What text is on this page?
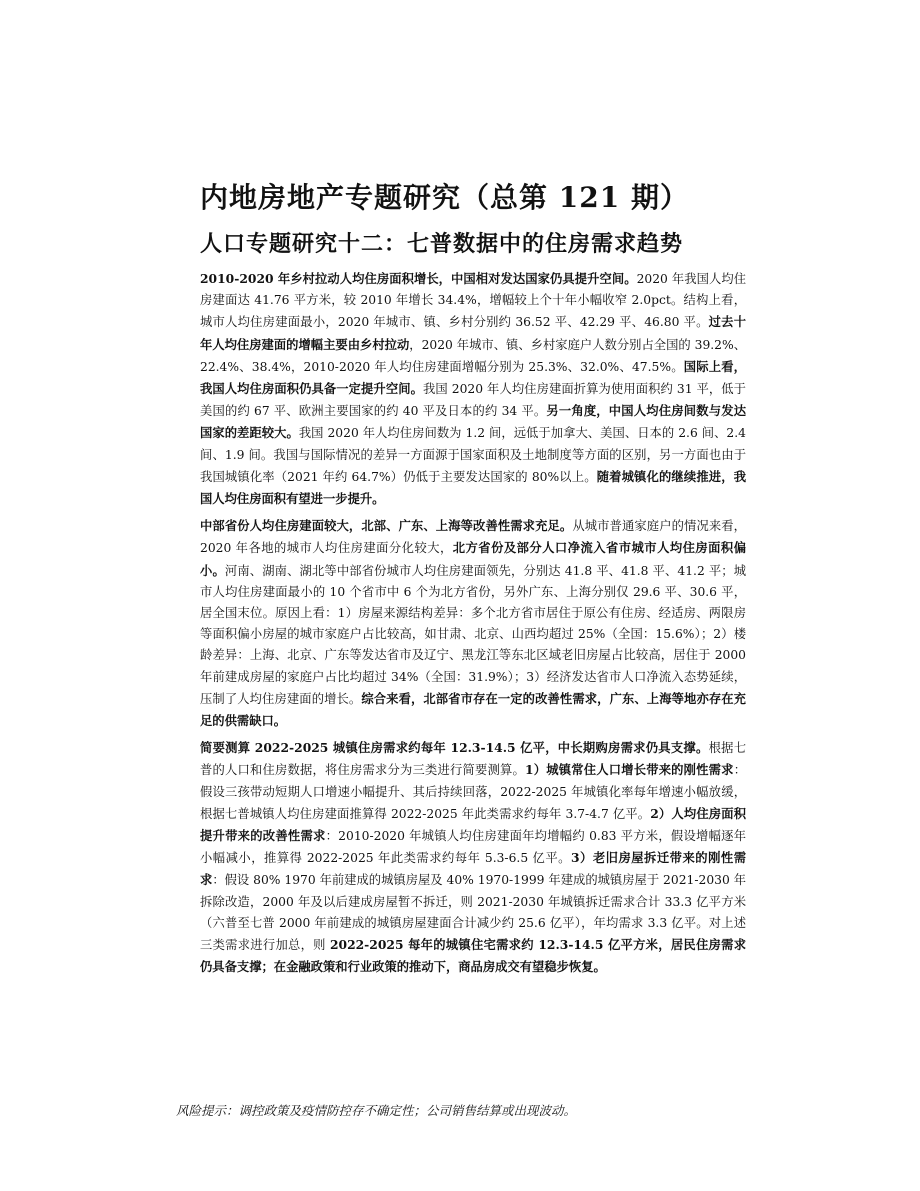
内地房地产专题研究（总第 121 期）
人口专题研究十二：七普数据中的住房需求趋势

2010-2020 年乡村拉动人均住房面积增长，中国相对发达国家仍具提升空间。2020 年我国人均住房建面达 41.76 平方米，较 2010 年增长 34.4%，增幅较上个十年小幅收窄 2.0pct。结构上看，城市人均住房建面最小，2020 年城市、镇、乡村分别约 36.52 平、42.29 平、46.80 平。过去十年人均住房建面的增幅主要由乡村拉动，2020 年城市、镇、乡村家庭户人数分别占全国的 39.2%、22.4%、38.4%，2010-2020 年人均住房建面增幅分别为 25.3%、32.0%、47.5%。国际上看，我国人均住房面积仍具备一定提升空间。我国 2020 年人均住房建面折算为使用面积约 31 平，低于美国的约 67 平、欧洲主要国家的约 40 平及日本的约 34 平。另一角度，中国人均住房间数与发达国家的差距较大。我国 2020 年人均住房间数为 1.2 间，远低于加拿大、美国、日本的 2.6 间、2.4 间、1.9 间。我国与国际情况的差异一方面源于国家面积及土地制度等方面的区别，另一方面也由于我国城镇化率（2021 年约 64.7%）仍低于主要发达国家的 80%以上。随着城镇化的继续推进，我国人均住房面积有望进一步提升。

中部省份人均住房建面较大，北部、广东、上海等改善性需求充足。从城市普通家庭户的情况来看，2020 年各地的城市人均住房建面分化较大，北方省份及部分人口净流入省市城市人均住房面积偏小。河南、湖南、湖北等中部省份城市人均住房建面领先，分别达 41.8 平、41.8 平、41.2 平；城市人均住房建面最小的 10 个省市中 6 个为北方省份，另外广东、上海分别仅 29.6 平、30.6 平，居全国末位。原因上看：1）房屋来源结构差异：多个北方省市居住于原公有住房、经适房、两限房等面积偏小房屋的城市家庭户占比较高，如甘肃、北京、山西均超过 25%（全国：15.6%）；2）楼龄差异：上海、北京、广东等发达省市及辽宁、黑龙江等东北区域老旧房屋占比较高，居住于 2000 年前建成房屋的家庭户占比均超过 34%（全国：31.9%）；3）经济发达省市人口净流入态势延续，压制了人均住房建面的增长。综合来看，北部省市存在一定的改善性需求，广东、上海等地亦存在充足的供需缺口。

简要测算 2022-2025 城镇住房需求约每年 12.3-14.5 亿平，中长期购房需求仍具支撑。根据七普的人口和住房数据，将住房需求分为三类进行简要测算。1）城镇常住人口增长带来的刚性需求：假设三孩带动短期人口增速小幅提升、其后持续回落，2022-2025 年城镇化率每年增速小幅放缓，根据七普城镇人均住房建面推算得 2022-2025 年此类需求约每年 3.7-4.7 亿平。2）人均住房面积提升带来的改善性需求：2010-2020 年城镇人均住房建面年均增幅约 0.83 平方米，假设增幅逐年小幅减小，推算得 2022-2025 年此类需求约每年 5.3-6.5 亿平。3）老旧房屋拆迁带来的刚性需求：假设 80% 1970 年前建成的城镇房屋及 40% 1970-1999 年建成的城镇房屋于 2021-2030 年拆除改造，2000 年及以后建成房屋暂不拆迁，则 2021-2030 年城镇拆迁需求合计 33.3 亿平方米（六普至七普 2000 年前建成的城镇房屋建面合计减少约 25.6 亿平），年均需求 3.3 亿平。对上述三类需求进行加总，则 2022-2025 每年的城镇住宅需求约 12.3-14.5 亿平方米，居民住房需求仍具备支撑；在金融政策和行业政策的推动下，商品房成交有望稳步恢复。

风险提示：调控政策及疫情防控存不确定性；公司销售结算或出现波动。
